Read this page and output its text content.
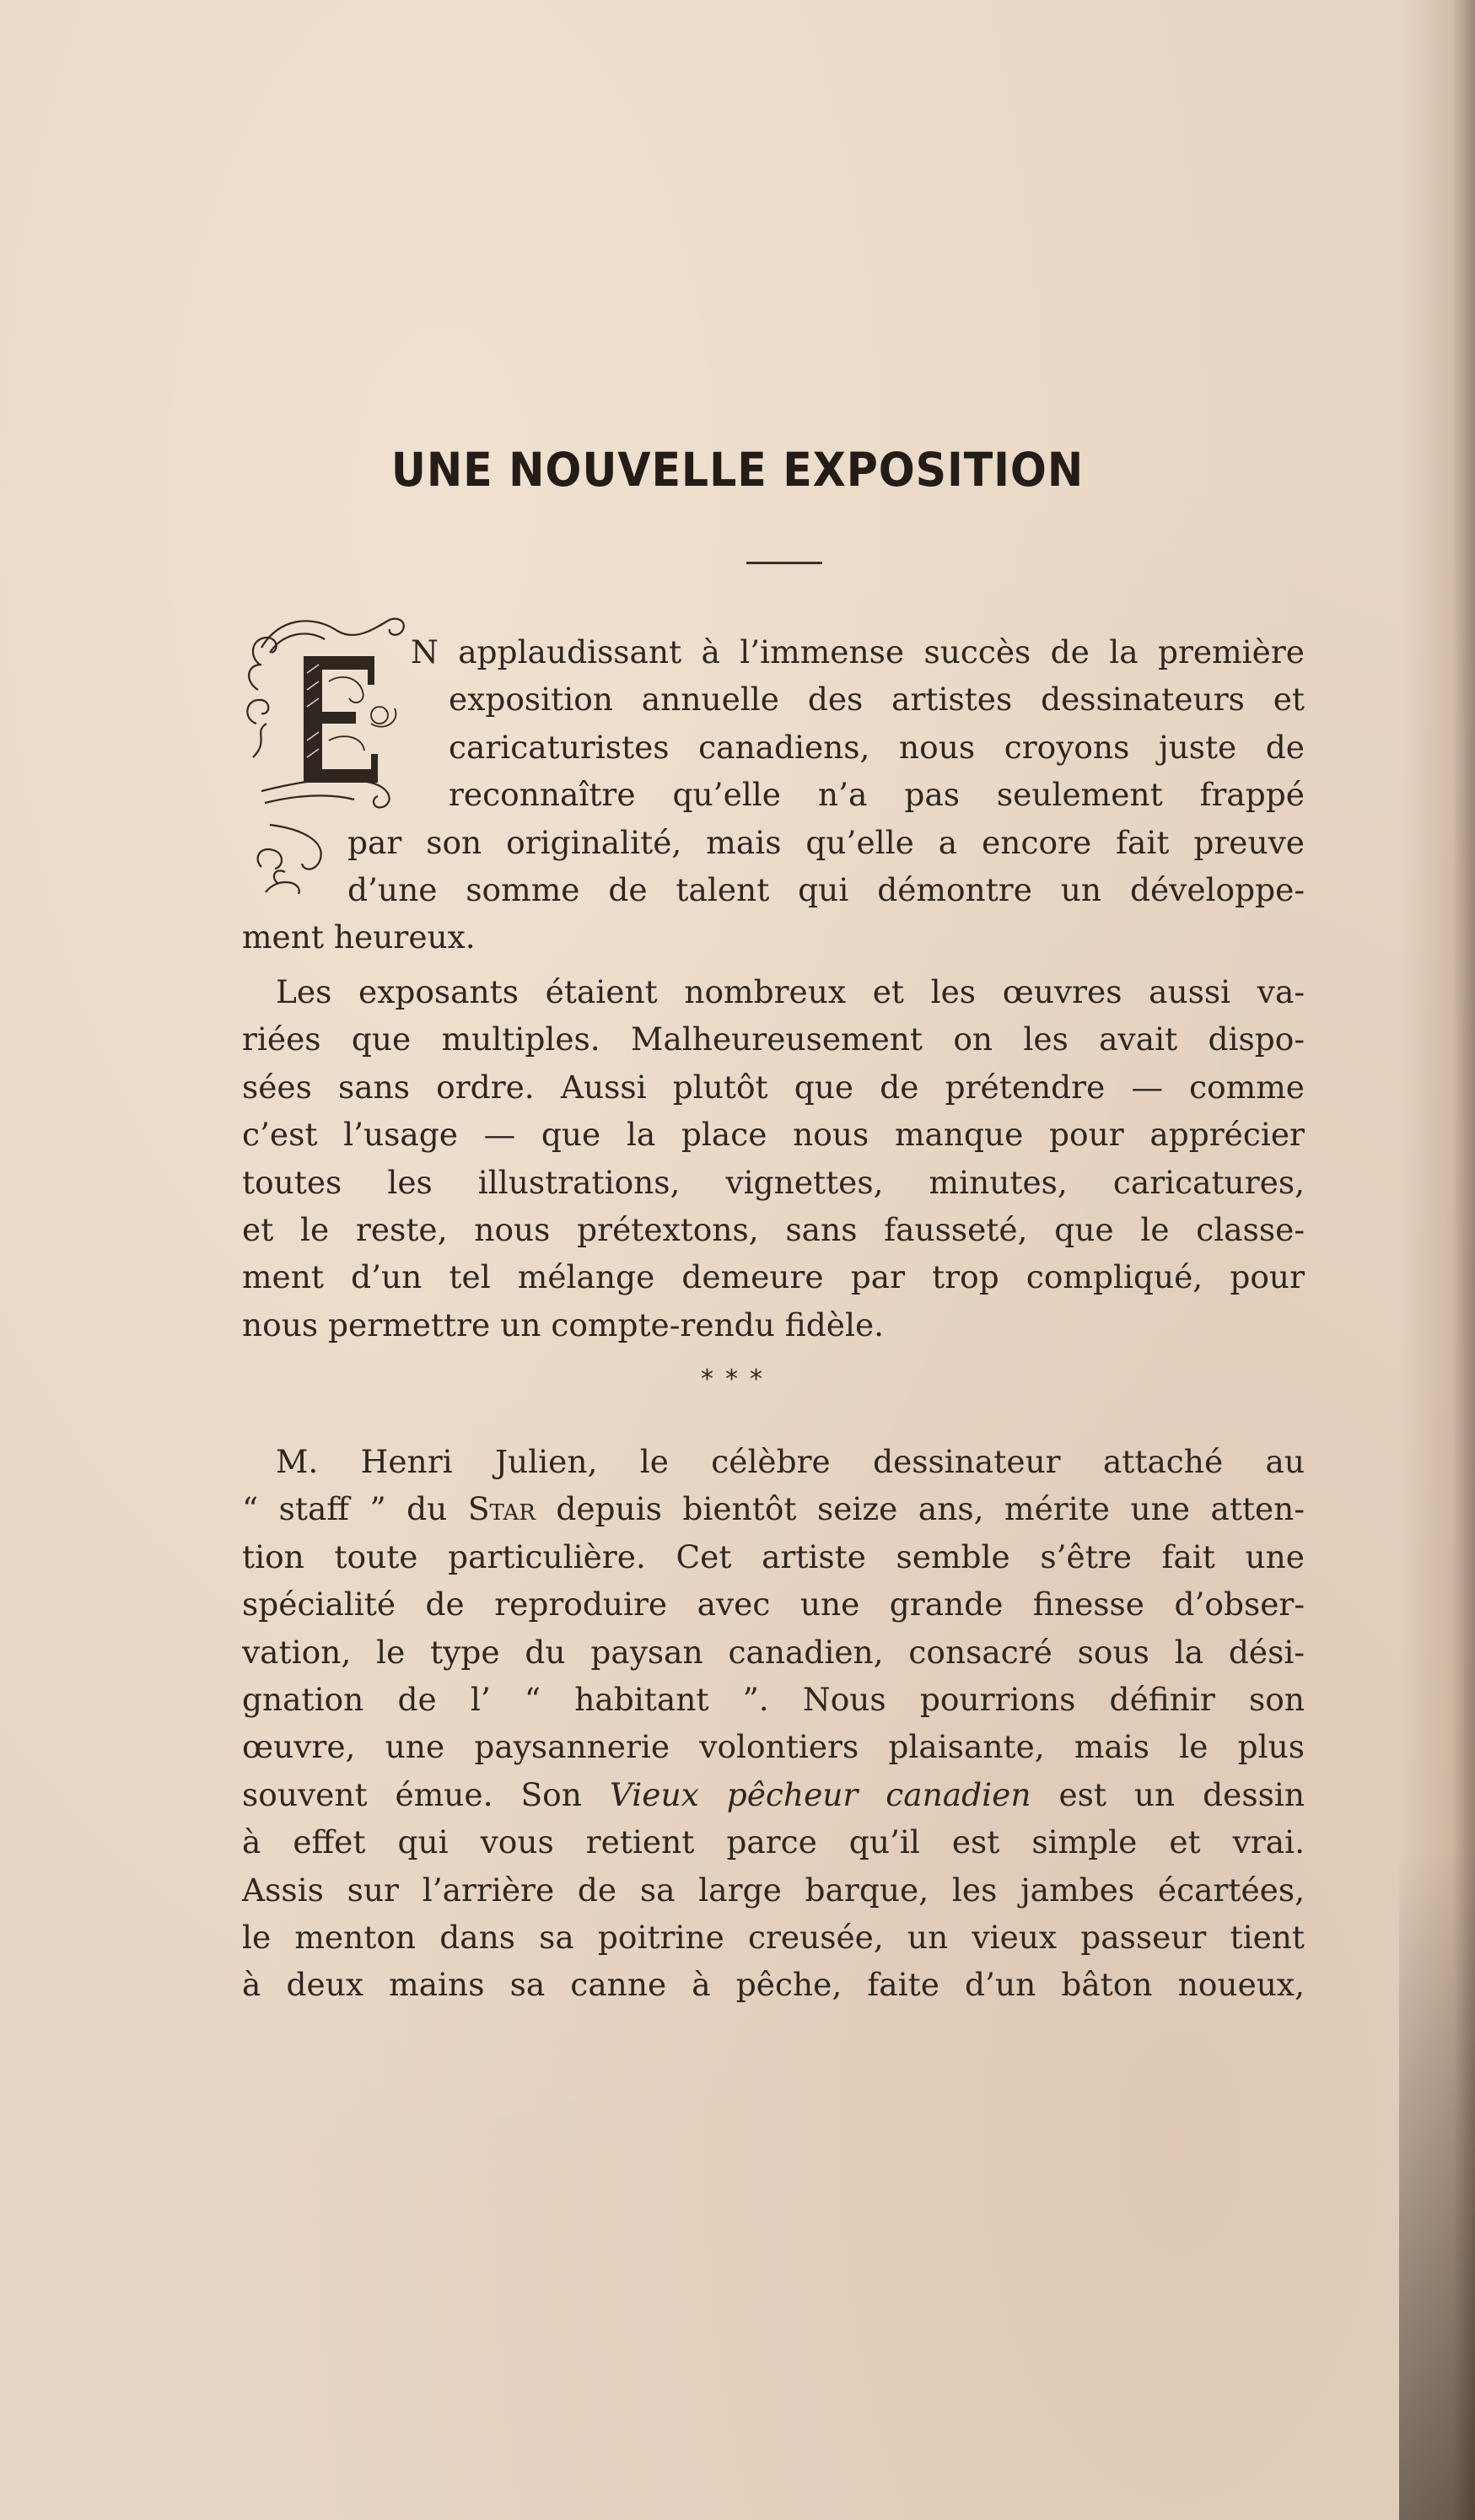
UNE NOUVELLE EXPOSITION
N applaudissant à l’immense succès de la première
exposition annuelle des artistes dessinateurs et
caricaturistes canadiens, nous croyons juste de
reconnaître qu’elle n’a pas seulement frappé
par son originalité, mais qu’elle a encore fait preuve
d’une somme de talent qui démontre un développe-
ment heureux.
Les exposants étaient nombreux et les œuvres aussi va-
riées que multiples. Malheureusement on les avait dispo-
sées sans ordre. Aussi plutôt que de prétendre — comme
c’est l’usage — que la place nous manque pour apprécier
toutes les illustrations, vignettes, minutes, caricatures,
et le reste, nous prétextons, sans fausseté, que le classe-
ment d’un tel mélange demeure par trop compliqué, pour
nous permettre un compte-rendu fidèle.
***
M. Henri Julien, le célèbre dessinateur attaché au
“ staff ” du Star depuis bientôt seize ans, mérite une atten-
tion toute particulière. Cet artiste semble s’être fait une
spécialité de reproduire avec une grande finesse d’obser-
vation, le type du paysan canadien, consacré sous la dési-
gnation de l’ “ habitant ”. Nous pourrions définir son
œuvre, une paysannerie volontiers plaisante, mais le plus
souvent émue. Son Vieux pêcheur canadien est un dessin
à effet qui vous retient parce qu’il est simple et vrai.
Assis sur l’arrière de sa large barque, les jambes écartées,
le menton dans sa poitrine creusée, un vieux passeur tient
à deux mains sa canne à pêche, faite d’un bâton noueux,
